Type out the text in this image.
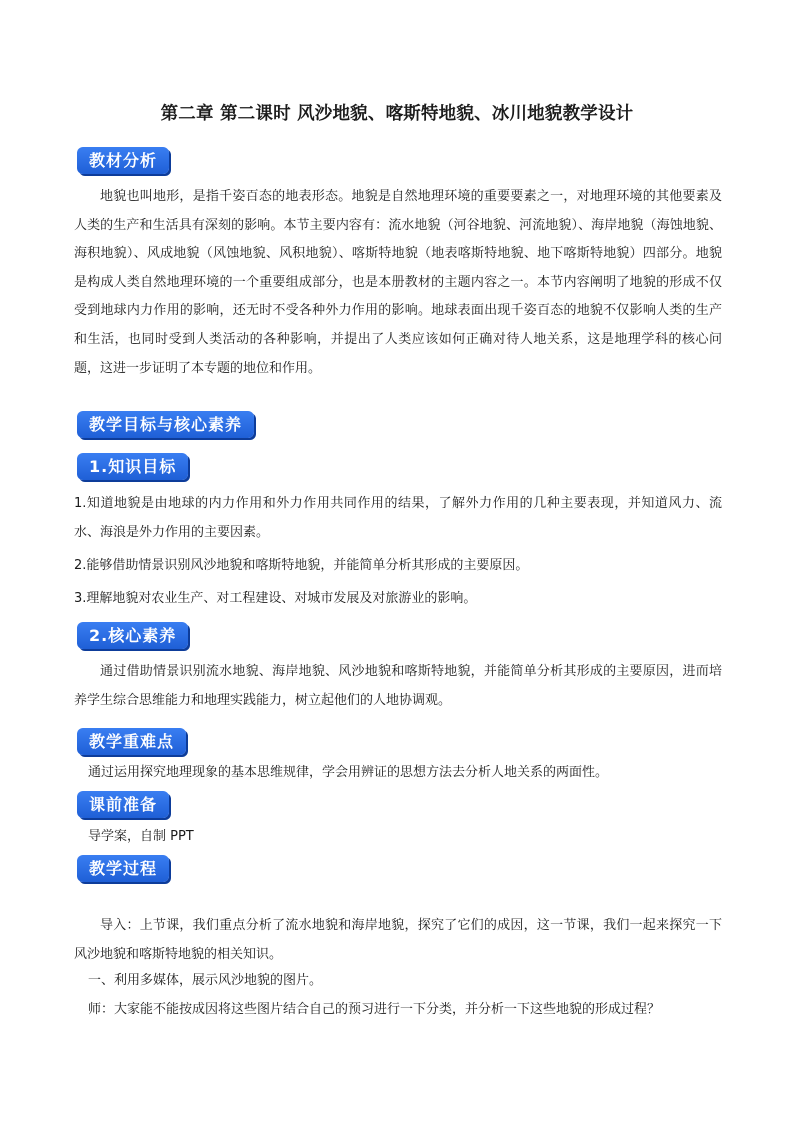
第二章 第二课时 风沙地貌、喀斯特地貌、冰川地貌教学设计
教材分析
地貌也叫地形，是指千姿百态的地表形态。地貌是自然地理环境的重要要素之一，对地理环境的其他要素及人类的生产和生活具有深刻的影响。本节主要内容有：流水地貌（河谷地貌、河流地貌）、海岸地貌（海蚀地貌、海积地貌）、风成地貌（风蚀地貌、风积地貌）、喀斯特地貌（地表喀斯特地貌、地下喀斯特地貌）四部分。地貌是构成人类自然地理环境的一个重要组成部分，也是本册教材的主题内容之一。本节内容阐明了地貌的形成不仅受到地球内力作用的影响，还无时不受各种外力作用的影响。地球表面出现千姿百态的地貌不仅影响人类的生产和生活，也同时受到人类活动的各种影响，并提出了人类应该如何正确对待人地关系，这是地理学科的核心问题，这进一步证明了本专题的地位和作用。
教学目标与核心素养
1.知识目标
1.知道地貌是由地球的内力作用和外力作用共同作用的结果，了解外力作用的几种主要表现，并知道风力、流水、海浪是外力作用的主要因素。
2.能够借助情景识别风沙地貌和喀斯特地貌，并能简单分析其形成的主要原因。
3.理解地貌对农业生产、对工程建设、对城市发展及对旅游业的影响。
2.核心素养
通过借助情景识别流水地貌、海岸地貌、风沙地貌和喀斯特地貌，并能简单分析其形成的主要原因，进而培养学生综合思维能力和地理实践能力，树立起他们的人地协调观。
教学重难点
通过运用探究地理现象的基本思维规律，学会用辨证的思想方法去分析人地关系的两面性。
课前准备
导学案，自制 PPT
教学过程
导入：上节课，我们重点分析了流水地貌和海岸地貌，探究了它们的成因，这一节课，我们一起来探究一下风沙地貌和喀斯特地貌的相关知识。
一、利用多媒体，展示风沙地貌的图片。
师：大家能不能按成因将这些图片结合自己的预习进行一下分类，并分析一下这些地貌的形成过程？
